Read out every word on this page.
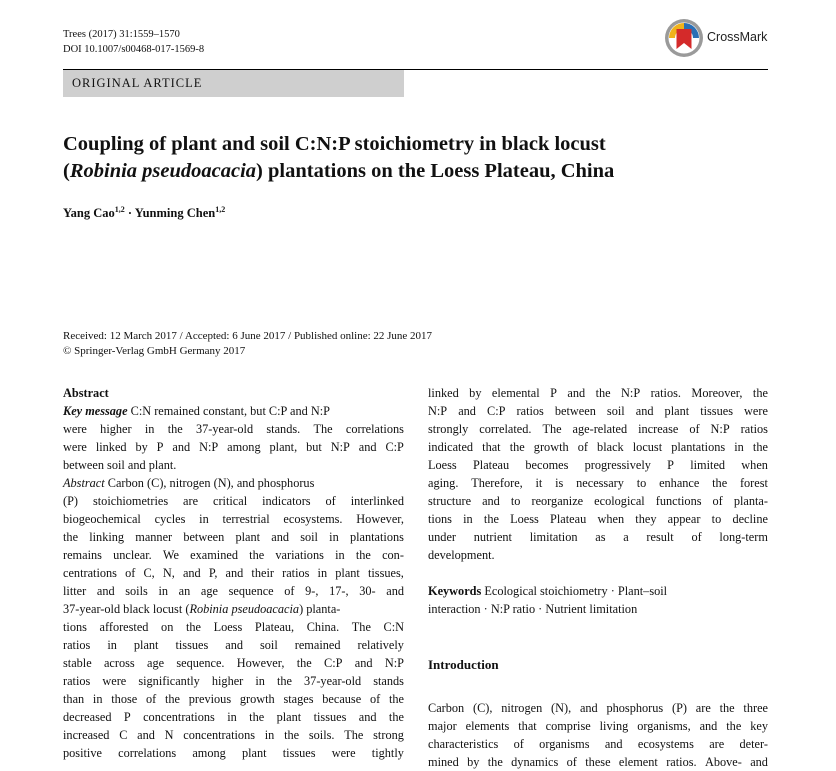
Trees (2017) 31:1559–1570
DOI 10.1007/s00468-017-1569-8
CrossMark
ORIGINAL ARTICLE
Coupling of plant and soil C:N:P stoichiometry in black locust
(Robinia pseudoacacia) plantations on the Loess Plateau, China
Yang Cao$^{1,2}$ · Yunming Chen$^{1,2}$
Received: 12 March 2017 / Accepted: 6 June 2017 / Published online: 22 June 2017
© Springer-Verlag GmbH Germany 2017
Abstract
Key message C:N remained constant, but C:P and N:P
were higher in the 37-year-old stands. The correlations
were linked by P and N:P among plant, but N:P and C:P
between soil and plant.
Abstract Carbon (C), nitrogen (N), and phosphorus
(P) stoichiometries are critical indicators of interlinked
biogeochemical cycles in terrestrial ecosystems. However,
the linking manner between plant and soil in plantations
remains unclear. We examined the variations in the con-
centrations of C, N, and P, and their ratios in plant tissues,
litter and soils in an age sequence of 9-, 17-, 30- and
37-year-old black locust (Robinia pseudoacacia) planta-
tions afforested on the Loess Plateau, China. The C:N
ratios in plant tissues and soil remained relatively
stable across age sequence. However, the C:P and N:P
ratios were significantly higher in the 37-year-old stands
than in those of the previous growth stages because of the
decreased P concentrations in the plant tissues and the
increased C and N concentrations in the soils. The strong
positive correlations among plant tissues were tightly
linked by elemental P and the N:P ratios. Moreover, the
N:P and C:P ratios between soil and plant tissues were
strongly correlated. The age-related increase of N:P ratios
indicated that the growth of black locust plantations in the
Loess Plateau becomes progressively P limited when
aging. Therefore, it is necessary to enhance the forest
structure and to reorganize ecological functions of planta-
tions in the Loess Plateau when they appear to decline
under nutrient limitation as a result of long-term
development.
Keywords Ecological stoichiometry · Plant–soil
interaction · N:P ratio · Nutrient limitation
Introduction
Carbon (C), nitrogen (N), and phosphorus (P) are the three
major elements that comprise living organisms, and the key
characteristics of organisms and ecosystems are deter-
mined by the dynamics of these element ratios. Above- and
